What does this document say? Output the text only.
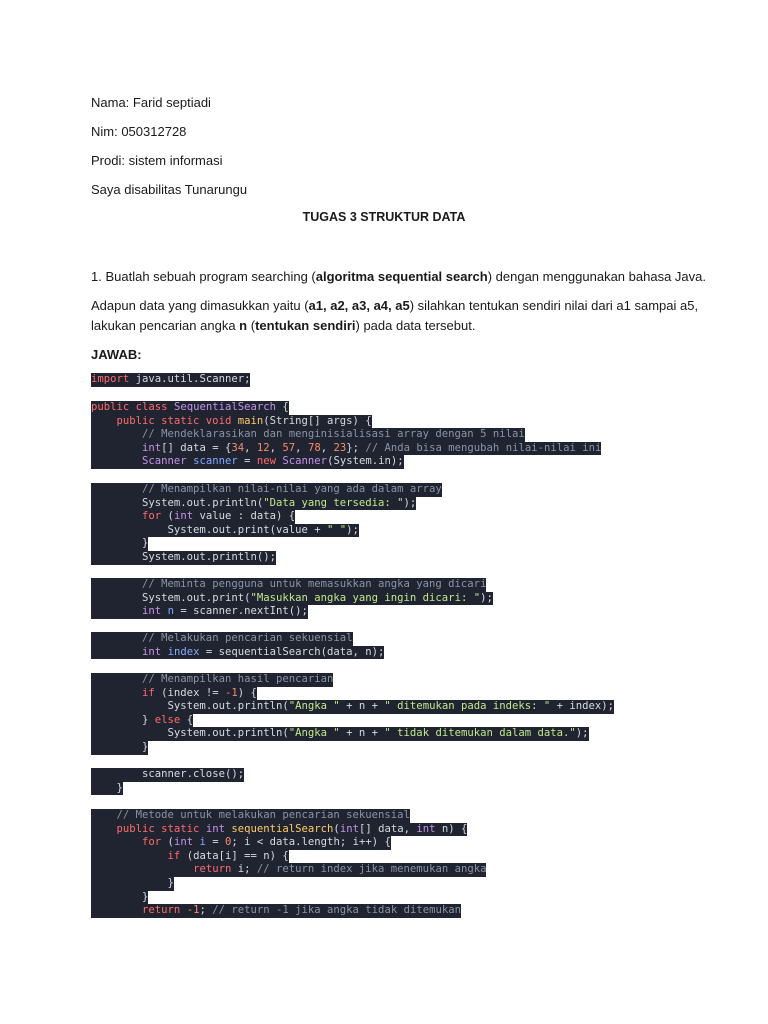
Nama: Farid septiadi
Nim: 050312728
Prodi: sistem informasi
Saya disabilitas Tunarungu
TUGAS 3 STRUKTUR DATA
1. Buatlah sebuah program searching (algoritma sequential search) dengan menggunakan bahasa Java.
Adapun data yang dimasukkan yaitu (a1, a2, a3, a4, a5) silahkan tentukan sendiri nilai dari a1 sampai a5,
lakukan pencarian angka n (tentukan sendiri) pada data tersebut.
JAWAB:
import java.util.Scanner;
public class SequentialSearch {
public static void main(String[] args) {
// Mendeklarasikan dan menginisialisasi array dengan 5 nilai
int[] data = {34, 12, 57, 78, 23}; // Anda bisa mengubah nilai-nilai ini
Scanner scanner = new Scanner(System.in);
// Menampilkan nilai-nilai yang ada dalam array
System.out.println("Data yang tersedia: ");
for (int value : data) {
System.out.print(value + " ");
}
System.out.println();
// Meminta pengguna untuk memasukkan angka yang dicari
System.out.print("Masukkan angka yang ingin dicari: ");
int n = scanner.nextInt();
// Melakukan pencarian sekuensial
int index = sequentialSearch(data, n);
// Menampilkan hasil pencarian
if (index != -1) {
System.out.println("Angka " + n + " ditemukan pada indeks: " + index);
} else {
System.out.println("Angka " + n + " tidak ditemukan dalam data.");
}
scanner.close();
}
// Metode untuk melakukan pencarian sekuensial
public static int sequentialSearch(int[] data, int n) {
for (int i = 0; i < data.length; i++) {
if (data[i] == n) {
return i; // return index jika menemukan angka
}
}
return -1; // return -1 jika angka tidak ditemukan
